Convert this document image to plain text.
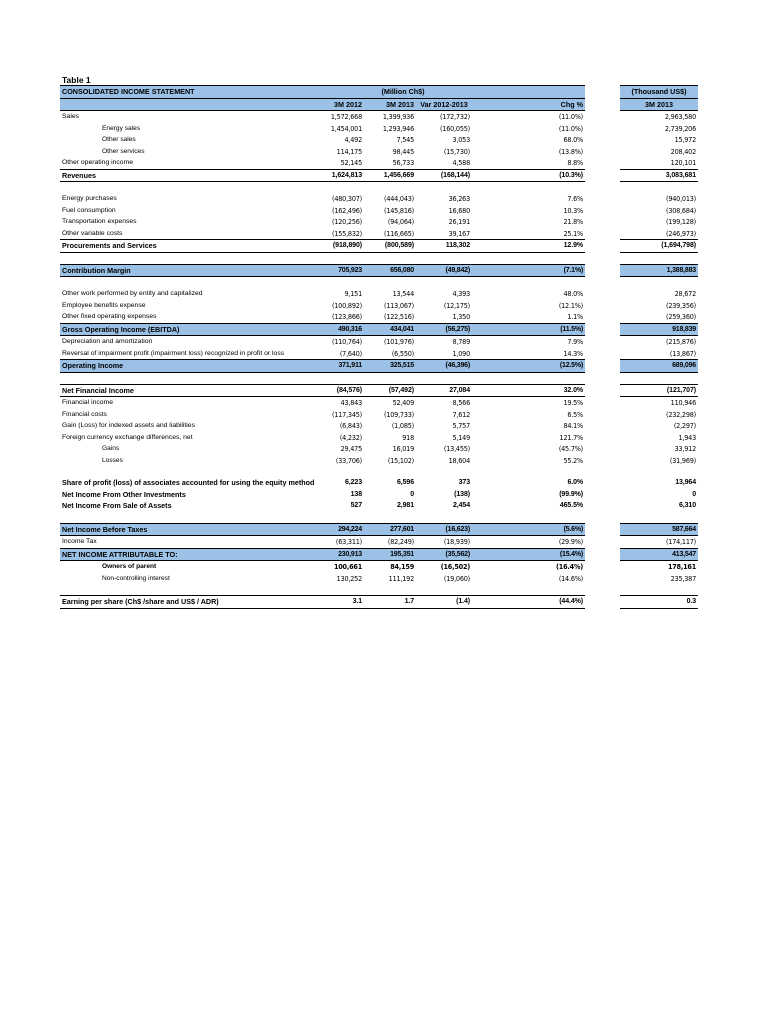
Table 1
CONSOLIDATED INCOME STATEMENT	(Million Ch$)						(Thousand US$)
	3M 2012	3M 2013	Var 2012-2013		Chg %		3M 2013
Sales	1,572,668	1,399,936	(172,732)		(11.0%)		2,963,580
Energy sales	1,454,001	1,293,946	(160,055)		(11.0%)		2,739,206
Other sales	4,492	7,545	3,053		68.0%		15,972
Other services	114,175	98,445	(15,730)		(13.8%)		208,402
Other operating income	52,145	56,733	4,588		8.8%		120,101
Revenues	1,624,813	1,456,669	(168,144)		(10.3%)		3,083,681

Energy purchases	(480,307)	(444,043)	36,263		7.6%		(940,013)
Fuel consumption	(162,496)	(145,816)	16,680		10.3%		(308,684)
Transportation expenses	(120,256)	(94,064)	26,191		21.8%		(199,128)
Other variable costs	(155,832)	(116,665)	39,167		25.1%		(246,973)
Procurements and Services	(918,890)	(800,589)	118,302		12.9%		(1,694,798)

Contribution Margin	705,923	656,080	(49,842)		(7.1%)		1,388,883

Other work performed by entity and capitalized	9,151	13,544	4,393		48.0%		28,672
Employee benefits expense	(100,892)	(113,067)	(12,175)		(12.1%)		(239,356)
Other fixed operating expenses	(123,866)	(122,516)	1,350		1.1%		(259,360)
Gross Operating Income (EBITDA)	490,316	434,041	(56,275)		(11.5%)		918,839
Depreciation and amortization	(110,764)	(101,976)	8,789		7.9%		(215,876)
Reversal of impairment profit (impairment loss) recognized in profit or loss	(7,640)	(6,550)	1,090		14.3%		(13,867)
Operating Income	371,911	325,515	(46,396)		(12.5%)		689,096

Net Financial Income	(84,576)	(57,492)	27,084		32.0%		(121,707)
Financial income	43,843	52,409	8,566		19.5%		110,946
Financial costs	(117,345)	(109,733)	7,612		6.5%		(232,298)
Gain (Loss) for indexed assets and liabilities	(6,843)	(1,085)	5,757		84.1%		(2,297)
Foreign currency exchange differences, net	(4,232)	918	5,149		121.7%		1,943
Gains	29,475	16,019	(13,455)		(45.7%)		33,912
Losses	(33,706)	(15,102)	18,604		55.2%		(31,969)

Share of profit (loss) of associates accounted for using the equity method	6,223	6,596	373		6.0%		13,964
Net Income From Other Investments	138	0	(138)		(99.9%)		0
Net Income From Sale of Assets	527	2,981	2,454		465.5%		6,310

Net Income Before Taxes	294,224	277,601	(16,623)		(5.6%)		587,664
Income Tax	(63,311)	(82,249)	(18,939)		(29.9%)		(174,117)
NET INCOME ATTRIBUTABLE TO:	230,913	195,351	(35,562)		(15.4%)		413,547
Owners of parent	100,661	84,159	(16,502)		(16.4%)		178,161
Non-controlling interest	130,252	111,192	(19,060)		(14.6%)		235,387

Earning per share (Ch$ /share and US$ / ADR)	3.1	1.7	(1.4)		(44.4%)		0.3
